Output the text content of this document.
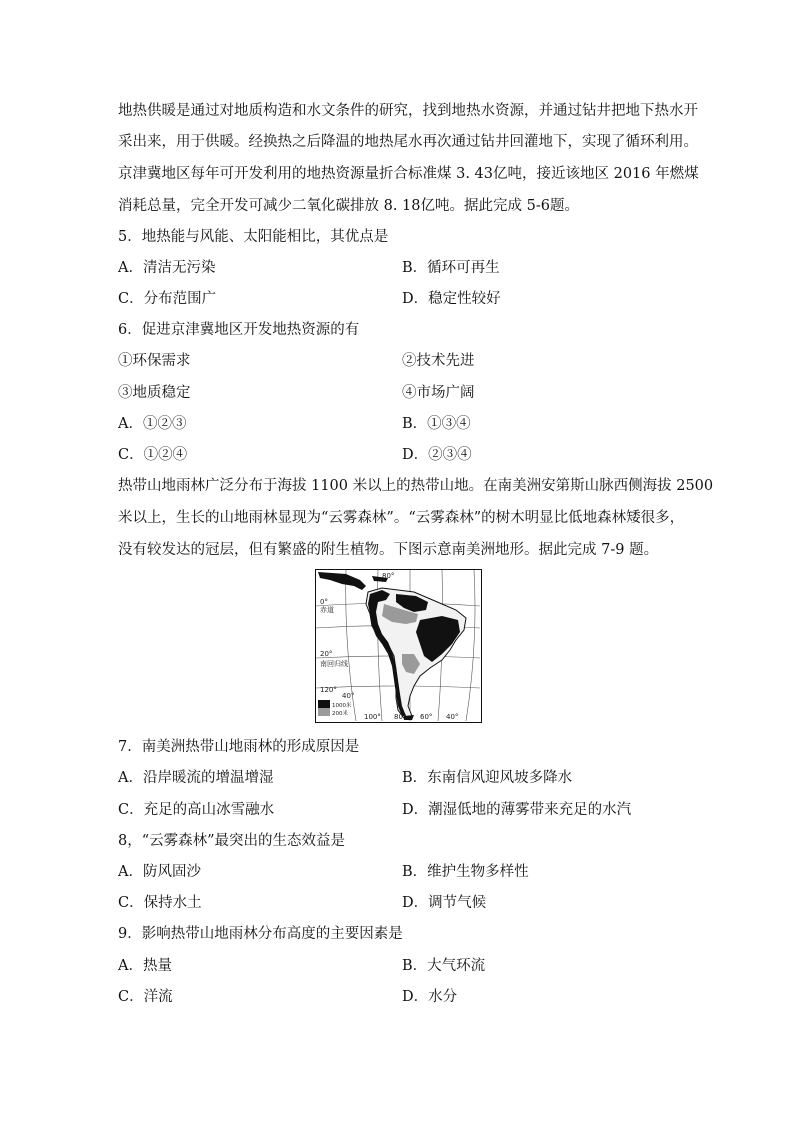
地热供暖是通过对地质构造和水文条件的研究，找到地热水资源，并通过钻井把地下热水开
采出来，用于供暖。经换热之后降温的地热尾水再次通过钻井回灌地下，实现了循环利用。
京津冀地区每年可开发利用的地热资源量折合标准煤 3. 43亿吨，接近该地区 2016 年燃煤
消耗总量，完全开发可减少二氧化碳排放 8. 18亿吨。据此完成 5-6题。
5．地热能与风能、太阳能相比，其优点是
A．清洁无污染	B．循环可再生
C．分布范围广	D．稳定性较好
6．促进京津冀地区开发地热资源的有
①环保需求	②技术先进
③地质稳定	④市场广阔
A．①②③	B．①③④
C．①②④	D．②③④
热带山地雨林广泛分布于海拔 1100 米以上的热带山地。在南美洲安第斯山脉西侧海拔 2500
米以上，生长的山地雨林显现为“云雾森林”。“云雾森林”的树木明显比低地森林矮很多，
没有较发达的冠层，但有繁盛的附生植物。下图示意南美洲地形。据此完成 7-9 题。
80°
0°
赤道
20°
南回归线
120°
40°
100° 80° 60° 40°
1000米
200米
7．南美洲热带山地雨林的形成原因是
A．沿岸暖流的增温增湿	B．东南信风迎风坡多降水
C．充足的高山冰雪融水	D．潮湿低地的薄雾带来充足的水汽
8，“云雾森林”最突出的生态效益是
A．防风固沙	B．维护生物多样性
C．保持水土	D．调节气候
9．影响热带山地雨林分布高度的主要因素是
A．热量	B．大气环流
C．洋流	D．水分
